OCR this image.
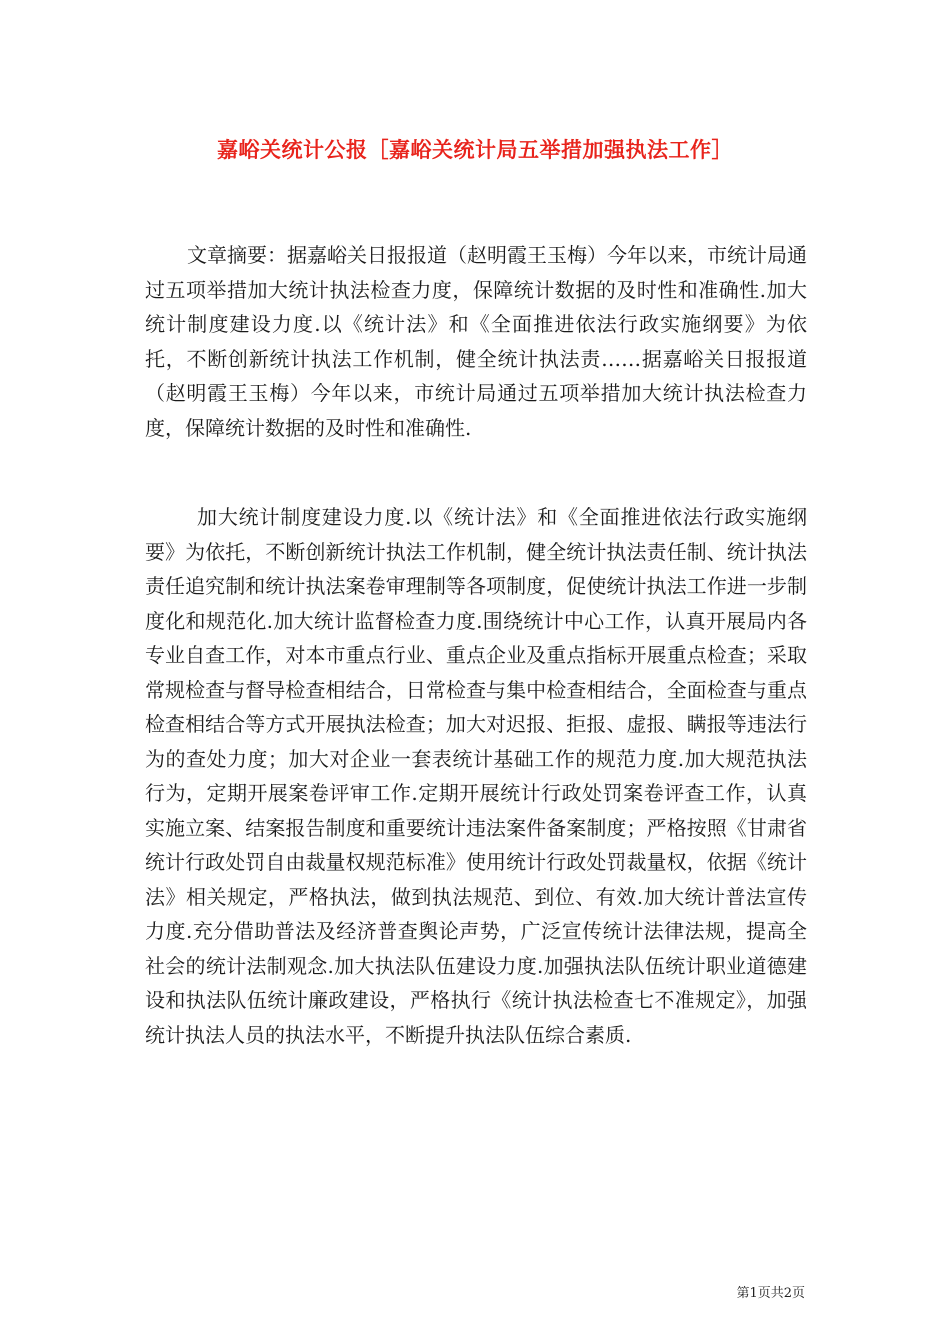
嘉峪关统计公报［嘉峪关统计局五举措加强执法工作］

文章摘要：据嘉峪关日报报道（赵明霞王玉梅）今年以来，市统计局通过五项举措加大统计执法检查力度，保障统计数据的及时性和准确性.加大统计制度建设力度.以《统计法》和《全面推进依法行政实施纲要》为依托，不断创新统计执法工作机制，健全统计执法责……据嘉峪关日报报道（赵明霞王玉梅）今年以来，市统计局通过五项举措加大统计执法检查力度，保障统计数据的及时性和准确性.

加大统计制度建设力度.以《统计法》和《全面推进依法行政实施纲要》为依托，不断创新统计执法工作机制，健全统计执法责任制、统计执法责任追究制和统计执法案卷审理制等各项制度，促使统计执法工作进一步制度化和规范化.加大统计监督检查力度.围绕统计中心工作，认真开展局内各专业自查工作，对本市重点行业、重点企业及重点指标开展重点检查；采取常规检查与督导检查相结合，日常检查与集中检查相结合，全面检查与重点检查相结合等方式开展执法检查；加大对迟报、拒报、虚报、瞒报等违法行为的查处力度；加大对企业一套表统计基础工作的规范力度.加大规范执法行为，定期开展案卷评审工作.定期开展统计行政处罚案卷评查工作，认真实施立案、结案报告制度和重要统计违法案件备案制度；严格按照《甘肃省统计行政处罚自由裁量权规范标准》使用统计行政处罚裁量权，依据《统计法》相关规定，严格执法，做到执法规范、到位、有效.加大统计普法宣传力度.充分借助普法及经济普查舆论声势，广泛宣传统计法律法规，提高全社会的统计法制观念.加大执法队伍建设力度.加强执法队伍统计职业道德建设和执法队伍统计廉政建设，严格执行《统计执法检查七不准规定》，加强统计执法人员的执法水平，不断提升执法队伍综合素质.

第1页共2页
